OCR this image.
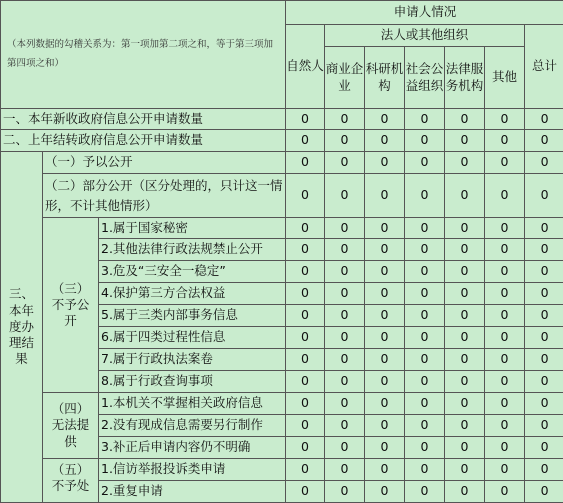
（本列数据的勾稽关系为：第一项加第二项之和，等于第三项加第四项之和）			申请人情况						
			自然人	法人或其他组织					总计
				商业企业	科研机构	社会公益组织	法律服务机构	其他	
一、本年新收政府信息公开申请数量			0	0	0	0	0	0	0
二、上年结转政府信息公开申请数量			0	0	0	0	0	0	0
三、本年度办理结果	（一）予以公开		0	0	0	0	0	0	0
	（二）部分公开（区分处理的，只计这一情形，不计其他情形）		0	0	0	0	0	0	0
	（三）不予公开	1.属于国家秘密	0	0	0	0	0	0	0
		2.其他法律行政法规禁止公开	0	0	0	0	0	0	0
		3.危及“三安全一稳定”	0	0	0	0	0	0	0
		4.保护第三方合法权益	0	0	0	0	0	0	0
		5.属于三类内部事务信息	0	0	0	0	0	0	0
		6.属于四类过程性信息	0	0	0	0	0	0	0
		7.属于行政执法案卷	0	0	0	0	0	0	0
		8.属于行政查询事项	0	0	0	0	0	0	0
	（四）无法提供	1.本机关不掌握相关政府信息	0	0	0	0	0	0	0
		2.没有现成信息需要另行制作	0	0	0	0	0	0	0
		3.补正后申请内容仍不明确	0	0	0	0	0	0	0
	（五）不予处	1.信访举报投诉类申请	0	0	0	0	0	0	0
		2.重复申请	0	0	0	0	0	0	0
